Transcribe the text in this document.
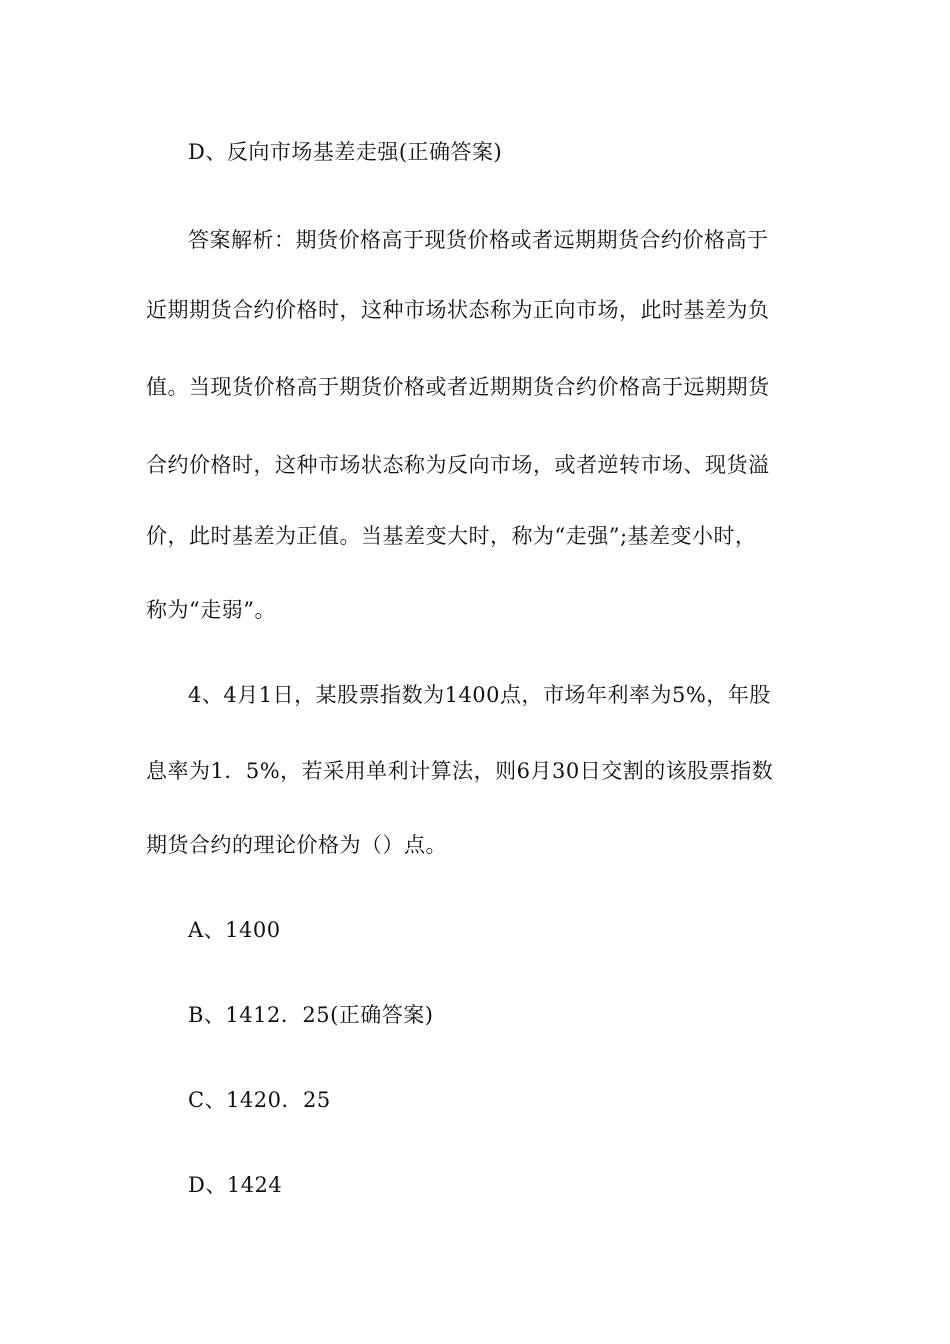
D、反向市场基差走强(正确答案)
答案解析：期货价格高于现货价格或者远期期货合约价格高于
近期期货合约价格时，这种市场状态称为正向市场，此时基差为负
值。当现货价格高于期货价格或者近期期货合约价格高于远期期货
合约价格时，这种市场状态称为反向市场，或者逆转市场、现货溢
价，此时基差为正值。当基差变大时，称为“走强”;基差变小时，
称为“走弱”。
4、4月1日，某股票指数为1400点，市场年利率为5%，年股
息率为1．5%，若采用单利计算法，则6月30日交割的该股票指数
期货合约的理论价格为（）点。
A、1400
B、1412．25(正确答案)
C、1420．25
D、1424
